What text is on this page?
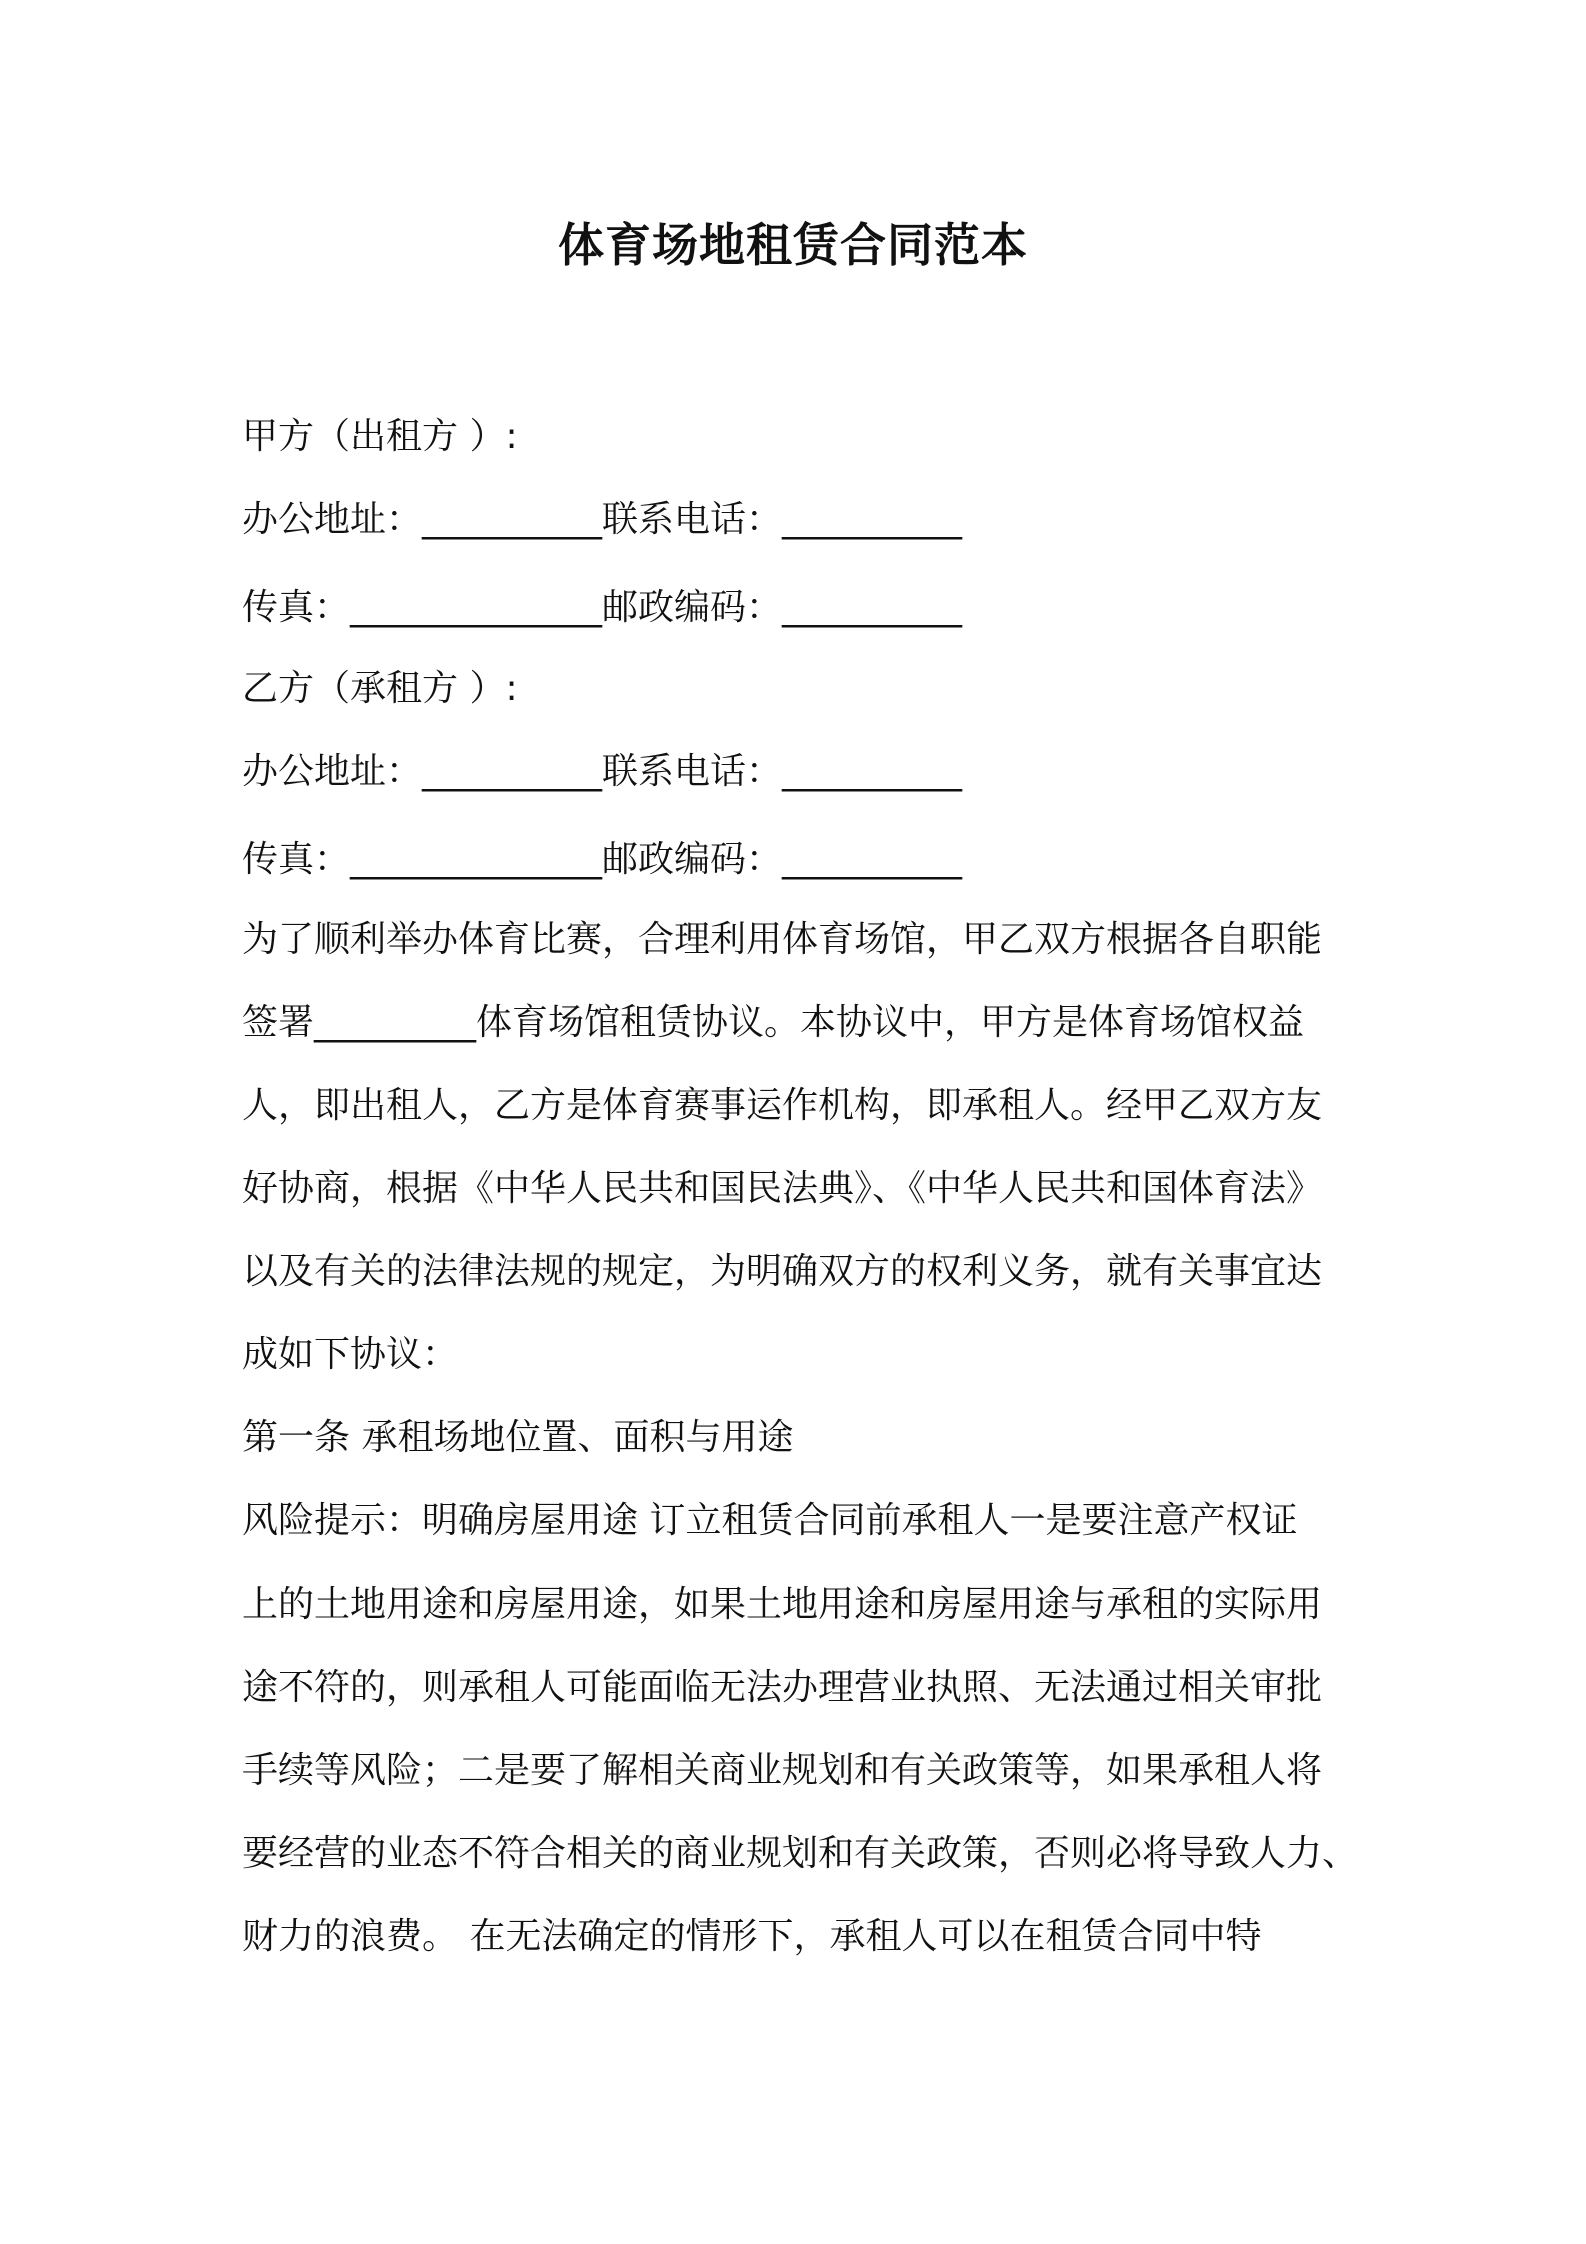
体育场地租赁合同范本
甲方（出租方 ）:
办公地址：__________联系电话：__________
传真：______________邮政编码：__________
乙方（承租方 ）:
办公地址：__________联系电话：__________
传真：______________邮政编码：__________
为了顺利举办体育比赛，合理利用体育场馆，甲乙双方根据各自职能
签署_________体育场馆租赁协议。本协议中，甲方是体育场馆权益
人，即出租人，乙方是体育赛事运作机构，即承租人。经甲乙双方友
好协商，根据《中华人民共和国民法典》、《中华人民共和国体育法》
以及有关的法律法规的规定，为明确双方的权利义务，就有关事宜达
成如下协议：
第一条 承租场地位置、面积与用途
风险提示：明确房屋用途 订立租赁合同前承租人一是要注意产权证
上的土地用途和房屋用途，如果土地用途和房屋用途与承租的实际用
途不符的，则承租人可能面临无法办理营业执照、无法通过相关审批
手续等风险；二是要了解相关商业规划和有关政策等，如果承租人将
要经营的业态不符合相关的商业规划和有关政策，否则必将导致人力、
财力的浪费。 在无法确定的情形下，承租人可以在租赁合同中特
